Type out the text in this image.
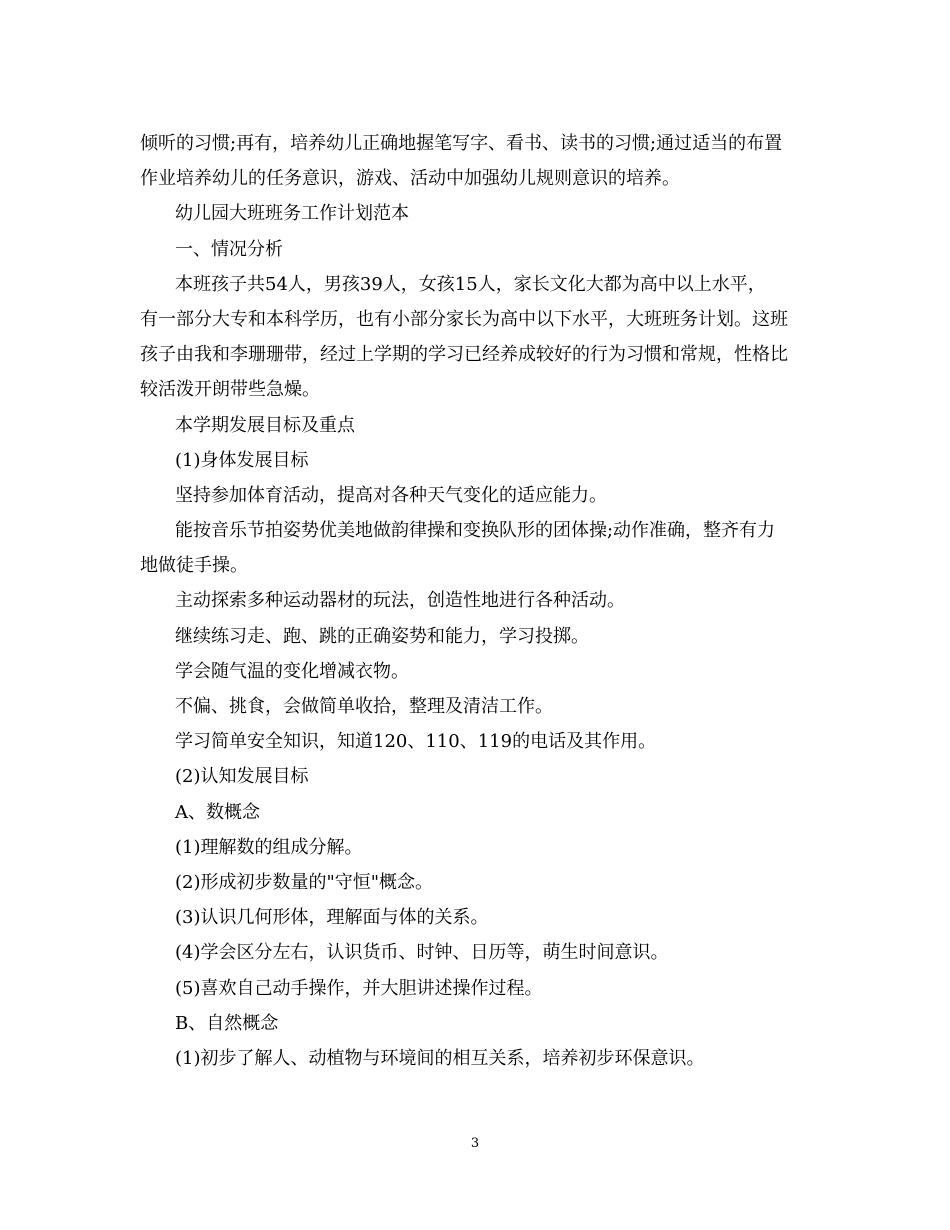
倾听的习惯;再有，培养幼儿正确地握笔写字、看书、读书的习惯;通过适当的布置
作业培养幼儿的任务意识，游戏、活动中加强幼儿规则意识的培养。
幼儿园大班班务工作计划范本
一、情况分析
本班孩子共54人，男孩39人，女孩15人，家长文化大都为高中以上水平，
有一部分大专和本科学历，也有小部分家长为高中以下水平，大班班务计划。这班
孩子由我和李珊珊带，经过上学期的学习已经养成较好的行为习惯和常规，性格比
较活泼开朗带些急燥。
本学期发展目标及重点
(1)身体发展目标
坚持参加体育活动，提高对各种天气变化的适应能力。
能按音乐节拍姿势优美地做韵律操和变换队形的团体操;动作准确，整齐有力
地做徒手操。
主动探索多种运动器材的玩法，创造性地进行各种活动。
继续练习走、跑、跳的正确姿势和能力，学习投掷。
学会随气温的变化增减衣物。
不偏、挑食，会做简单收拾，整理及清洁工作。
学习简单安全知识，知道120、110、119的电话及其作用。
(2)认知发展目标
A、数概念
(1)理解数的组成分解。
(2)形成初步数量的"守恒"概念。
(3)认识几何形体，理解面与体的关系。
(4)学会区分左右，认识货币、时钟、日历等，萌生时间意识。
(5)喜欢自己动手操作，并大胆讲述操作过程。
B、自然概念
(1)初步了解人、动植物与环境间的相互关系，培养初步环保意识。
3
